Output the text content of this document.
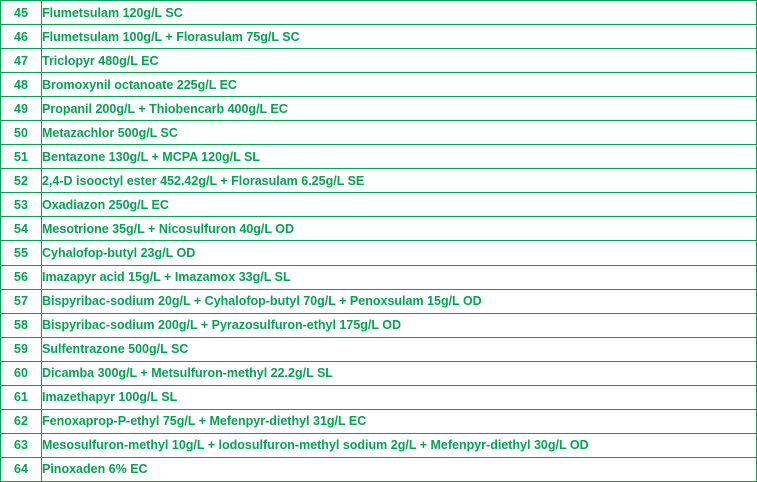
45	Flumetsulam 120g/L SC
46	Flumetsulam 100g/L + Florasulam 75g/L SC
47	Triclopyr 480g/L EC
48	Bromoxynil octanoate 225g/L EC
49	Propanil 200g/L + Thiobencarb 400g/L EC
50	Metazachlor 500g/L SC
51	Bentazone 130g/L + MCPA 120g/L SL
52	2,4-D isooctyl ester 452.42g/L + Florasulam 6.25g/L SE
53	Oxadiazon 250g/L EC
54	Mesotrione 35g/L + Nicosulfuron 40g/L OD
55	Cyhalofop-butyl 23g/L OD
56	Imazapyr acid 15g/L + Imazamox 33g/L SL
57	Bispyribac-sodium 20g/L + Cyhalofop-butyl 70g/L + Penoxsulam 15g/L OD
58	Bispyribac-sodium 200g/L + Pyrazosulfuron-ethyl 175g/L OD
59	Sulfentrazone 500g/L SC
60	Dicamba 300g/L + Metsulfuron-methyl 22.2g/L SL
61	Imazethapyr 100g/L SL
62	Fenoxaprop-P-ethyl 75g/L + Mefenpyr-diethyl 31g/L EC
63	Mesosulfuron-methyl 10g/L + lodosulfuron-methyl sodium 2g/L + Mefenpyr-diethyl 30g/L OD
64	Pinoxaden 6% EC
